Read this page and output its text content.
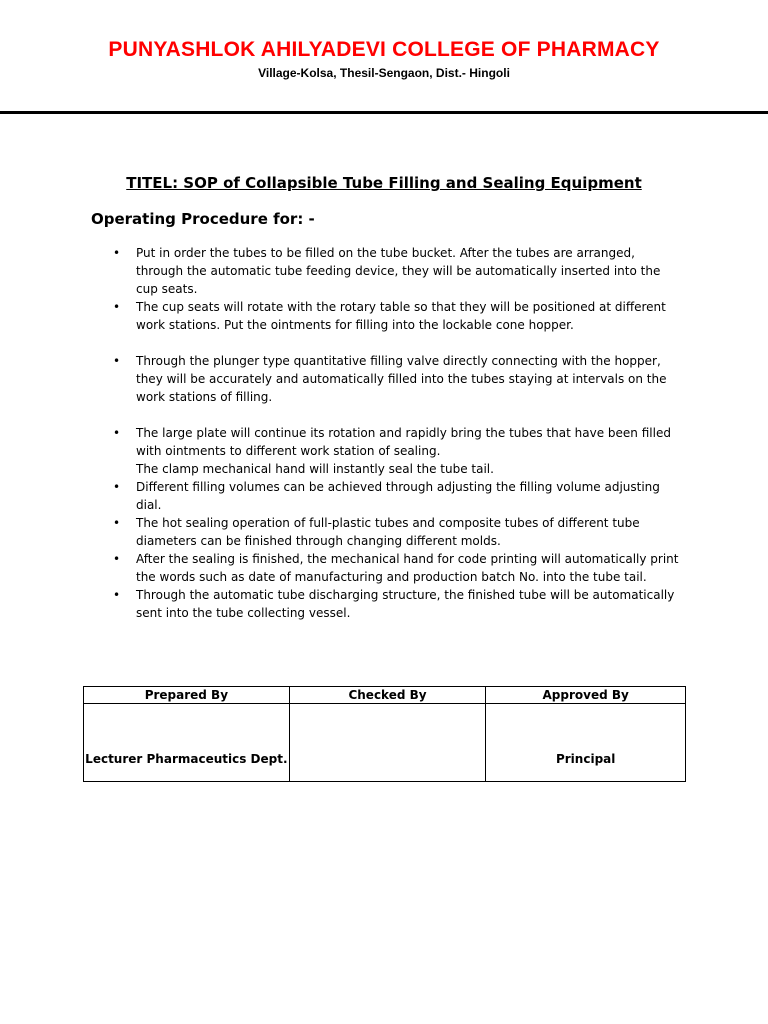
PUNYASHLOK AHILYADEVI COLLEGE OF PHARMACY
Village-Kolsa, Thesil-Sengaon, Dist.- Hingoli
TITEL: SOP of Collapsible Tube Filling and Sealing Equipment
Operating Procedure for: -
• Put in order the tubes to be filled on the tube bucket. After the tubes are arranged, through the automatic tube feeding device, they will be automatically inserted into the cup seats.
• The cup seats will rotate with the rotary table so that they will be positioned at different work stations. Put the ointments for filling into the lockable cone hopper.
• Through the plunger type quantitative filling valve directly connecting with the hopper, they will be accurately and automatically filled into the tubes staying at intervals on the work stations of filling.
• The large plate will continue its rotation and rapidly bring the tubes that have been filled with ointments to different work station of sealing.
The clamp mechanical hand will instantly seal the tube tail.
• Different filling volumes can be achieved through adjusting the filling volume adjusting dial.
• The hot sealing operation of full-plastic tubes and composite tubes of different tube diameters can be finished through changing different molds.
• After the sealing is finished, the mechanical hand for code printing will automatically print the words such as date of manufacturing and production batch No. into the tube tail.
• Through the automatic tube discharging structure, the finished tube will be automatically sent into the tube collecting vessel.
Prepared By	Checked By	Approved By

Lecturer Pharmaceutics Dept.		Principal
